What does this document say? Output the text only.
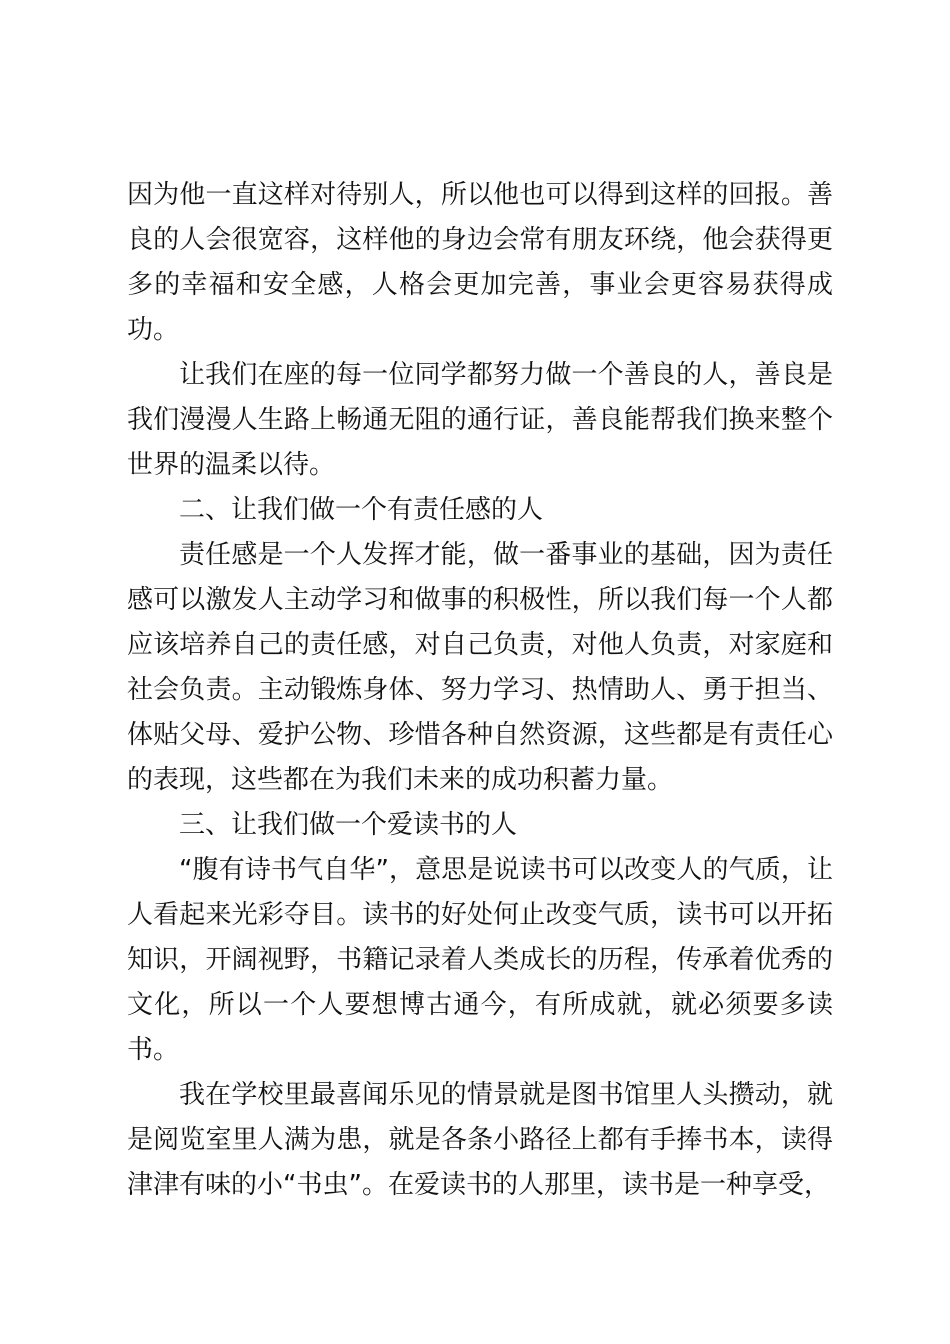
因为他一直这样对待别人，所以他也可以得到这样的回报。善良的人会很宽容，这样他的身边会常有朋友环绕，他会获得更多的幸福和安全感，人格会更加完善，事业会更容易获得成功。

让我们在座的每一位同学都努力做一个善良的人，善良是我们漫漫人生路上畅通无阻的通行证，善良能帮我们换来整个世界的温柔以待。

二、让我们做一个有责任感的人

责任感是一个人发挥才能，做一番事业的基础，因为责任感可以激发人主动学习和做事的积极性，所以我们每一个人都应该培养自己的责任感，对自己负责，对他人负责，对家庭和社会负责。主动锻炼身体、努力学习、热情助人、勇于担当、体贴父母、爱护公物、珍惜各种自然资源，这些都是有责任心的表现，这些都在为我们未来的成功积蓄力量。

三、让我们做一个爱读书的人

“腹有诗书气自华”，意思是说读书可以改变人的气质，让人看起来光彩夺目。读书的好处何止改变气质，读书可以开拓知识，开阔视野，书籍记录着人类成长的历程，传承着优秀的文化，所以一个人要想博古通今，有所成就，就必须要多读书。

我在学校里最喜闻乐见的情景就是图书馆里人头攒动，就是阅览室里人满为患，就是各条小路径上都有手捧书本，读得津津有味的小“书虫”。在爱读书的人那里，读书是一种享受，
